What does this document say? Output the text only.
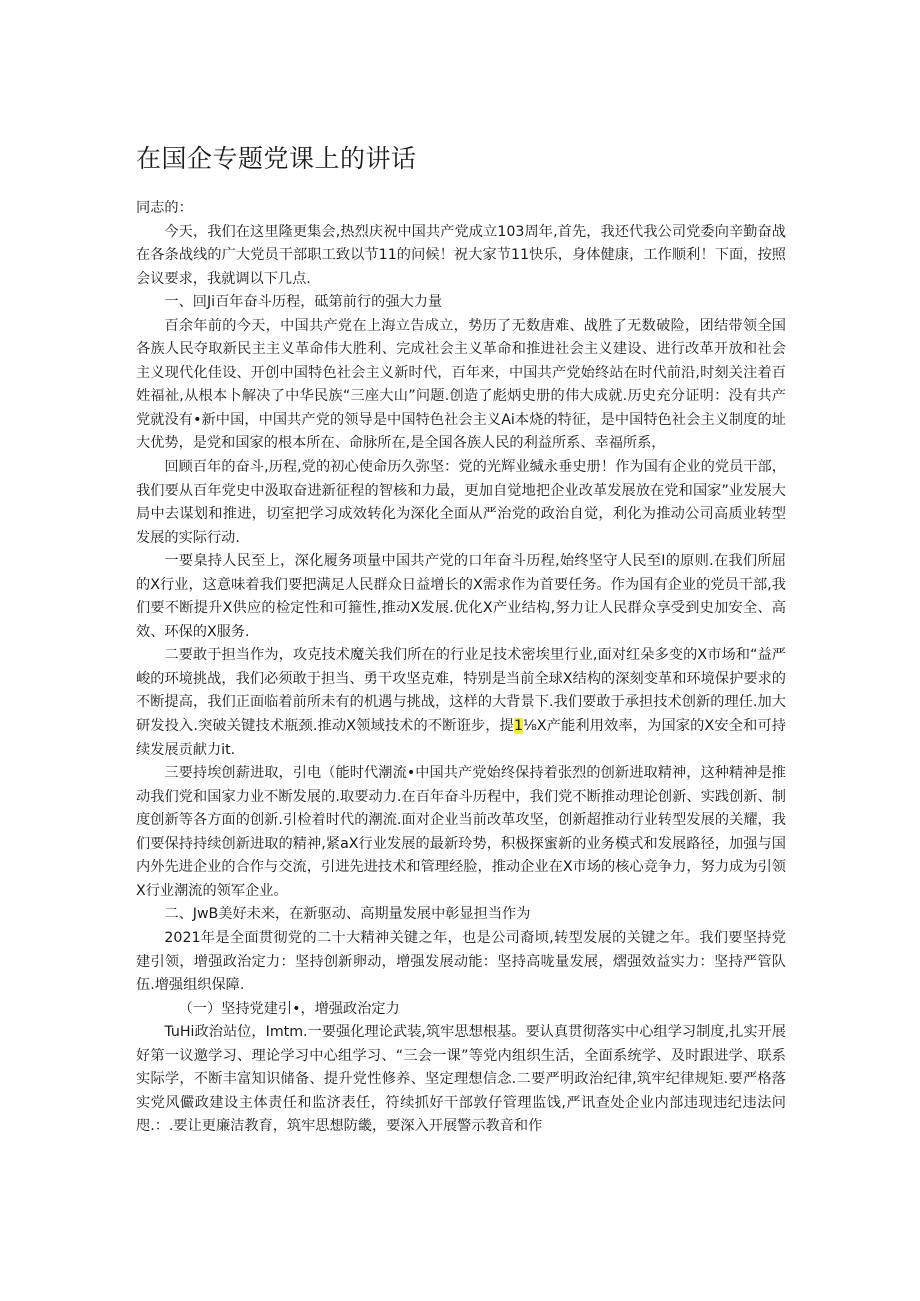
在国企专题党课上的讲话

同志的：

今天，我们在这里隆更集会,热烈庆祝中国共产党成立103周年,首先，我还代我公司党委向辛勤奋战在各条战线的广大党员干部职工致以节11的问候！祝大家节11快乐，身体健康，工作顺利！下面，按照会议要求，我就调以下几点.

一、回Ji百年奋斗历程，砥第前行的强大力量

百余年前的今天，中国共产党在上海立告成立，势历了无数唐难、战胜了无数破险，团结带领全国各族人民夺取新民主主义革命伟大胜利、完成社会主义革命和推进社会主义建设、进行改革开放和社会主义现代化佳设、开创中国特色社会主义新时代，百年来，中国共产党始终站在时代前沿,时刻关注着百姓福祉,从根本卜解决了中华民族“三座大山”问题.创造了彪炳史册的伟大成就.历史充分证明：没有共产党就没有•新中国，中国共产党的领导是中国特色社会主义Ai本烧的特征，是中国特色社会主义制度的址大优势，是党和国家的根本所在、命脉所在,是全国各族人民的利益所系、幸福所系，

回顾百年的奋斗,历程,党的初心使命历久弥坚：党的光辉业缄永垂史册！作为国有企业的党员干部，我们要从百年党史中汲取奋进新征程的智核和力最，更加自觉地把企业改革发展放在党和国家”业发展大局中去谋划和推进，切室把学习成效转化为深化全面从严治党的政治自觉，利化为推动公司高质业转型发展的实际行动.

一要臬持人民至上，深化履务项量中国共产党的口年奋斗历程,始终坚守人民至I的原则.在我们所屈的X行业，这意味着我们要把满足人民群众日益增长的X需求作为首要任务。作为国有企业的党员干部,我们要不断提升X供应的检定性和可箍性,推动X发展.优化X产业结构,努力让人民群众享受到史加安全、高效、环保的X服务.

二要敢于担当作为，攻克技术魔关我们所在的行业足技术密埃里行业,面对红朵多变的X市场和“益严峻的环境挑战，我们必须敢于担当、勇干攻坚克难，特别是当前全球X结构的深刻变革和环境保护要求的不断提高，我们正面临着前所未有的机遇与挑战，这样的大背景下.我们要敢于承担技术创新的理任.加大研发投入.突破关键技术瓶颈.推动X领域技术的不断诳步，提1⅛X产能利用效率，为国家的X安全和可持续发展贡献力it.

三要持埃创薪进取，引电（能时代潮流•中国共产党始终保持着张烈的创新进取精神，这种精神是推动我们党和国家力业不断发展的.取要动力.在百年奋斗历程中，我们党不断推动理论创新、实践创新、制度创新等各方面的创新.引检着时代的潮流.面对企业当前改革攻坚，创新超推动行业转型发展的关耀，我们要保持持续创新进取的精神,紧aX行业发展的最新玲势，积极探蜜新的业务模式和发展路径，加强与国内外先进企业的合作与交流，引进先进技术和管理经脸，推动企业在X市场的核心竞争力，努力成为引领X行业潮流的领军企业。

二、JwB美好未来，在新驱动、高期量发展中彰显担当作为

2021年是全面贯彻党的二十大精神关键之年，也是公司裔顷,转型发展的关键之年。我们要坚持党建引领，增强政治定力：坚持创新卵动，增强发展动能：坚持高咙量发展，熠强效益实力：坚持严管队伍.增强组织保障.

（一）坚持党建引•，增强政治定力

TuHi政治站位，Imtm.一要强化理论武装,筑牢思想根基。要认真贯彻落实中心组学习制度,扎实开展好第一议邀学习、理论学习中心组学习、“三会一课”等党内组织生活，全面系统学、及时跟进学、联系实际学，不断丰富知识储备、提升党性修养、坚定理想信念.二要严明政治纪律,筑牢纪律规矩.要严格落实党风儼政建设主体责任和监济表任，符续抓好干部敦仔管理监饯,严讯查处企业内部违现违纪违法问咫.：.要让更廉洁教育，筑牢思想防畿，要深入开展警示教音和作
